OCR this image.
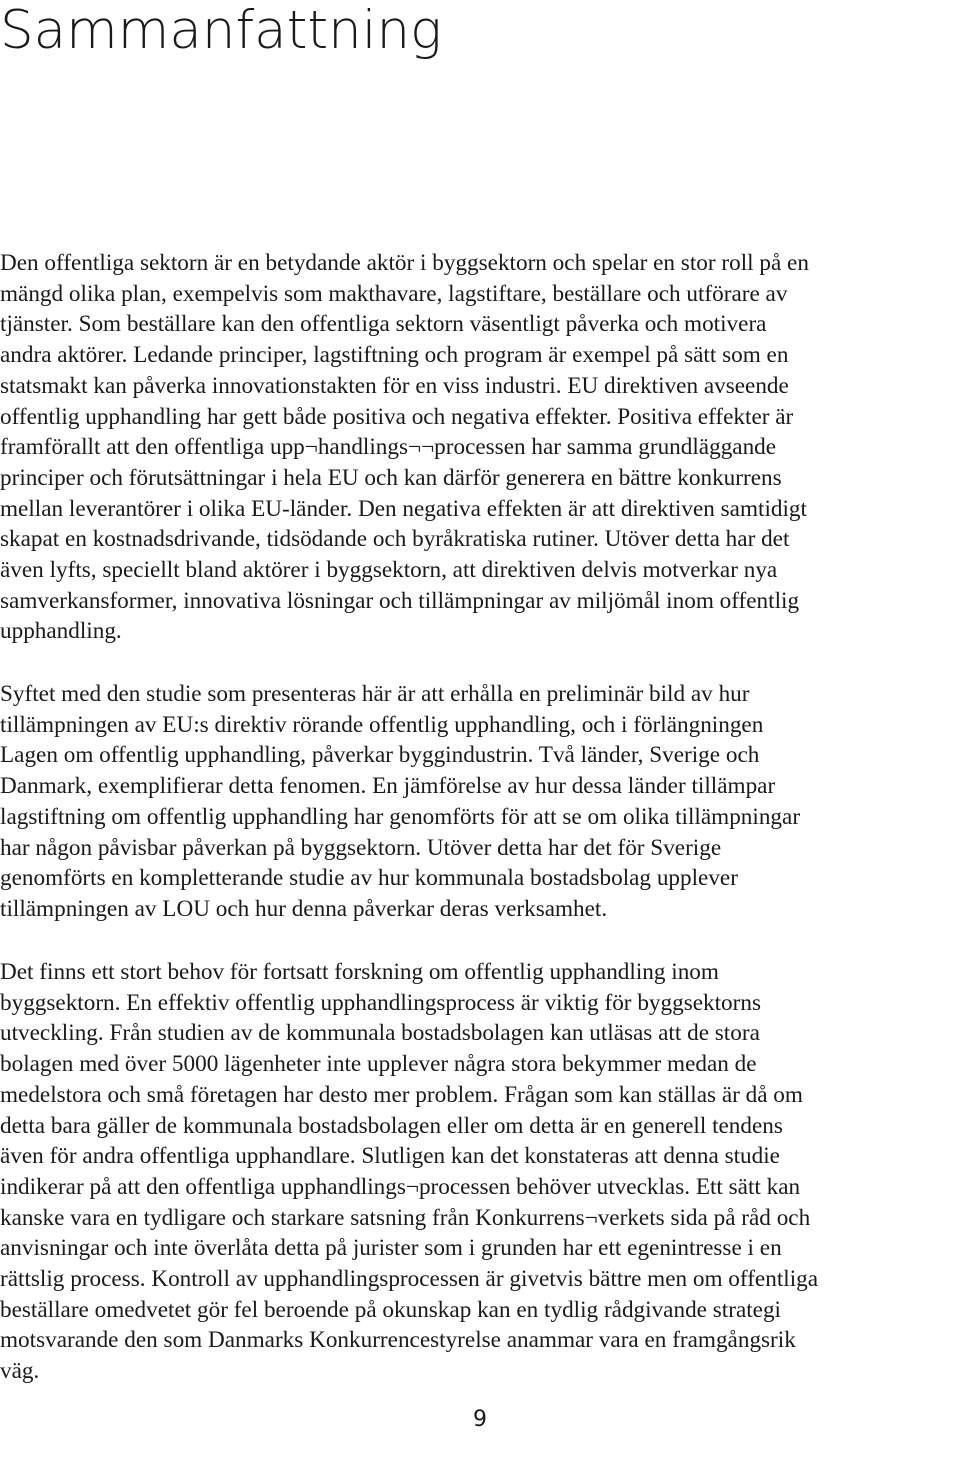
Sammanfattning
Den offentliga sektorn är en betydande aktör i byggsektorn och spelar en stor roll på en
mängd olika plan, exempelvis som makthavare, lagstiftare, beställare och utförare av
tjänster. Som beställare kan den offentliga sektorn väsentligt påverka och motivera
andra aktörer. Ledande principer, lagstiftning och program är exempel på sätt som en
statsmakt kan påverka innovationstakten för en viss industri. EU direktiven avseende
offentlig upphandling har gett både positiva och negativa effekter. Positiva effekter är
framförallt att den offentliga upp¬handlings¬¬processen har samma grundläggande
principer och förutsättningar i hela EU och kan därför generera en bättre konkurrens
mellan leverantörer i olika EU-länder. Den negativa effekten är att direktiven samtidigt
skapat en kostnadsdrivande, tidsödande och byråkratiska rutiner. Utöver detta har det
även lyfts, speciellt bland aktörer i byggsektorn, att direktiven delvis motverkar nya
samverkansformer, innovativa lösningar och tillämpningar av miljömål inom offentlig
upphandling.
Syftet med den studie som presenteras här är att erhålla en preliminär bild av hur
tillämpningen av EU:s direktiv rörande offentlig upphandling, och i förlängningen
Lagen om offentlig upphandling, påverkar byggindustrin. Två länder, Sverige och
Danmark, exemplifierar detta fenomen. En jämförelse av hur dessa länder tillämpar
lagstiftning om offentlig upphandling har genomförts för att se om olika tillämpningar
har någon påvisbar påverkan på byggsektorn. Utöver detta har det för Sverige
genomförts en kompletterande studie av hur kommunala bostadsbolag upplever
tillämpningen av LOU och hur denna påverkar deras verksamhet.
Det finns ett stort behov för fortsatt forskning om offentlig upphandling inom
byggsektorn. En effektiv offentlig upphandlingsprocess är viktig för byggsektorns
utveckling. Från studien av de kommunala bostadsbolagen kan utläsas att de stora
bolagen med över 5000 lägenheter inte upplever några stora bekymmer medan de
medelstora och små företagen har desto mer problem. Frågan som kan ställas är då om
detta bara gäller de kommunala bostadsbolagen eller om detta är en generell tendens
även för andra offentliga upphandlare. Slutligen kan det konstateras att denna studie
indikerar på att den offentliga upphandlings¬processen behöver utvecklas. Ett sätt kan
kanske vara en tydligare och starkare satsning från Konkurrens¬verkets sida på råd och
anvisningar och inte överlåta detta på jurister som i grunden har ett egenintresse i en
rättslig process. Kontroll av upphandlingsprocessen är givetvis bättre men om offentliga
beställare omedvetet gör fel beroende på okunskap kan en tydlig rådgivande strategi
motsvarande den som Danmarks Konkurrencestyrelse anammar vara en framgångsrik
väg.
9
